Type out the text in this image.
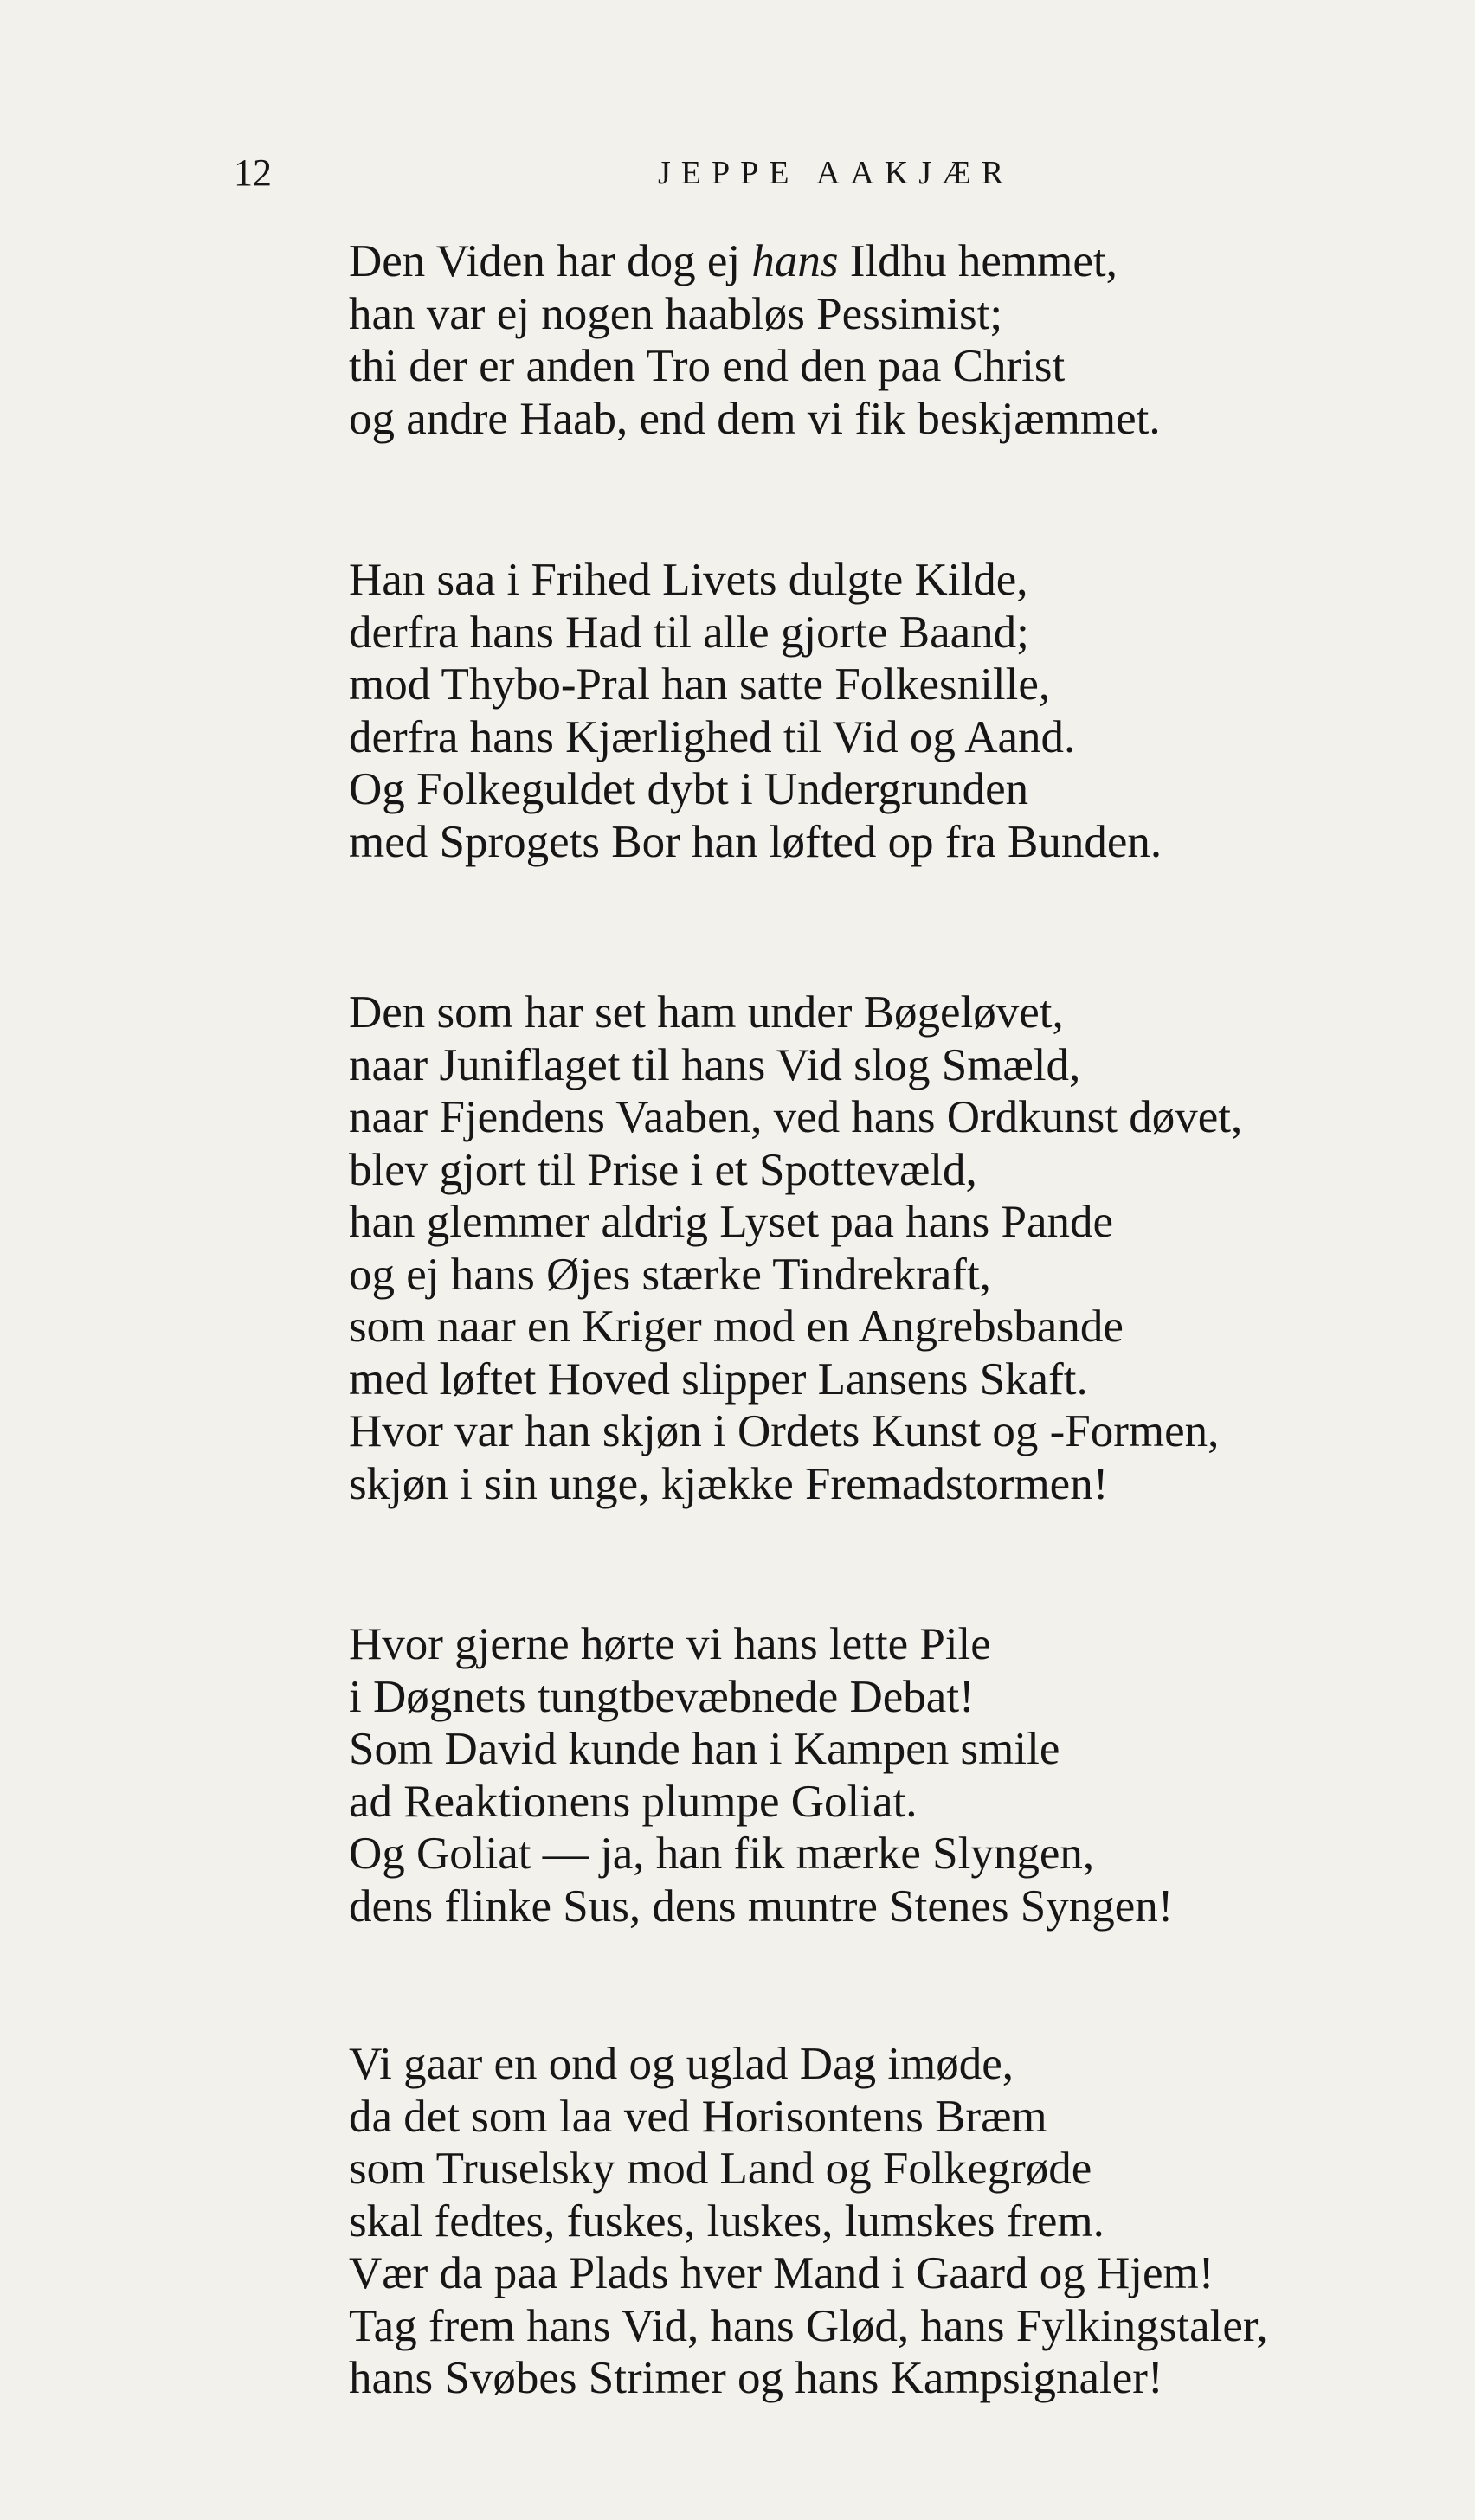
12	JEPPE AAKJÆR
Den Viden har dog ej hans Ildhu hemmet,
han var ej nogen haabløs Pessimist;
thi der er anden Tro end den paa Christ
og andre Haab, end dem vi fik beskjæmmet.
Han saa i Frihed Livets dulgte Kilde,
derfra hans Had til alle gjorte Baand;
mod Thybo-Pral han satte Folkesnille,
derfra hans Kjærlighed til Vid og Aand.
Og Folkeguldet dybt i Undergrunden
med Sprogets Bor han løfted op fra Bunden.
Den som har set ham under Bøgeløvet,
naar Juniflaget til hans Vid slog Smæld,
naar Fjendens Vaaben, ved hans Ordkunst døvet,
blev gjort til Prise i et Spottevæld,
han glemmer aldrig Lyset paa hans Pande
og ej hans Øjes stærke Tindrekraft,
som naar en Kriger mod en Angrebsbande
med løftet Hoved slipper Lansens Skaft.
Hvor var han skjøn i Ordets Kunst og -Formen,
skjøn i sin unge, kjække Fremadstormen!
Hvor gjerne hørte vi hans lette Pile
i Døgnets tungtbevæbnede Debat!
Som David kunde han i Kampen smile
ad Reaktionens plumpe Goliat.
Og Goliat — ja, han fik mærke Slyngen,
dens flinke Sus, dens muntre Stenes Syngen!
Vi gaar en ond og uglad Dag imøde,
da det som laa ved Horisontens Bræm
som Truselsky mod Land og Folkegrøde
skal fedtes, fuskes, luskes, lumskes frem.
Vær da paa Plads hver Mand i Gaard og Hjem!
Tag frem hans Vid, hans Glød, hans Fylkingstaler,
hans Svøbes Strimer og hans Kampsignaler!
